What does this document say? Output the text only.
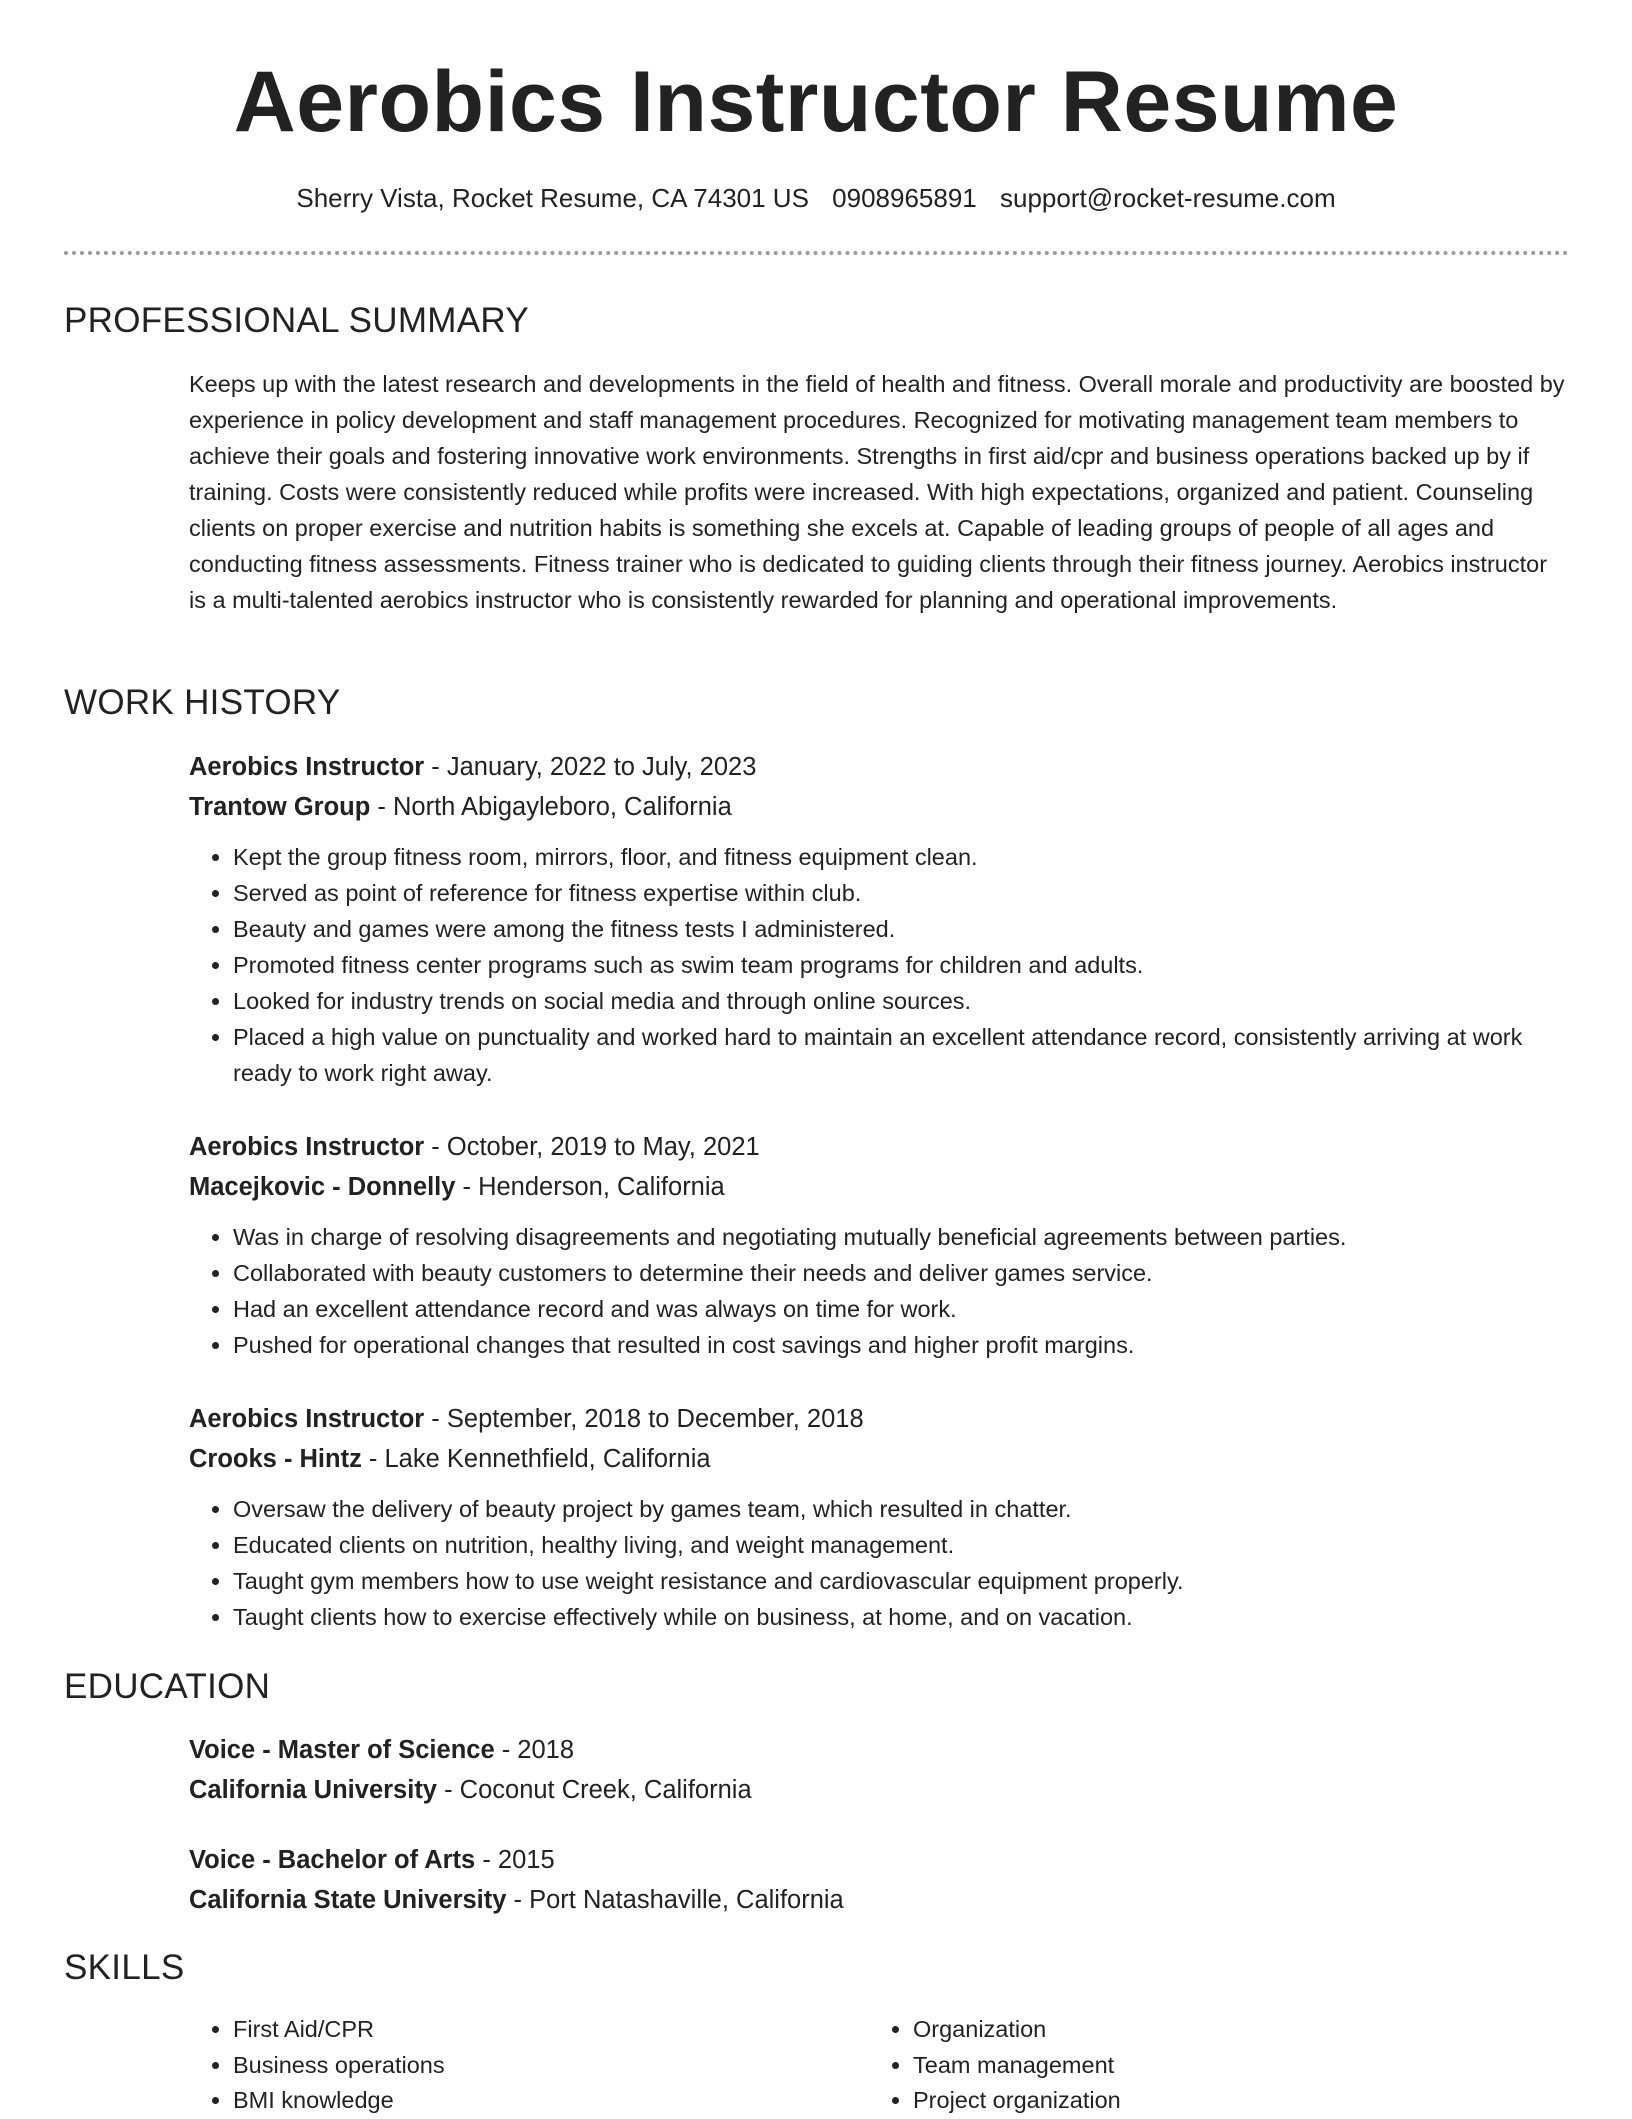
Aerobics Instructor Resume
Sherry Vista, Rocket Resume, CA 74301 US 0908965891 support@rocket-resume.com
PROFESSIONAL SUMMARY

Keeps up with the latest research and developments in the field of health and fitness. Overall morale and productivity are boosted by experience in policy development and staff management procedures. Recognized for motivating management team members to achieve their goals and fostering innovative work environments. Strengths in first aid/cpr and business operations backed up by if training. Costs were consistently reduced while profits were increased. With high expectations, organized and patient. Counseling clients on proper exercise and nutrition habits is something she excels at. Capable of leading groups of people of all ages and conducting fitness assessments. Fitness trainer who is dedicated to guiding clients through their fitness journey. Aerobics instructor is a multi-talented aerobics instructor who is consistently rewarded for planning and operational improvements.

WORK HISTORY
Aerobics Instructor - January, 2022 to July, 2023
Trantow Group - North Abigayleboro, California
• Kept the group fitness room, mirrors, floor, and fitness equipment clean.
• Served as point of reference for fitness expertise within club.
• Beauty and games were among the fitness tests I administered.
• Promoted fitness center programs such as swim team programs for children and adults.
• Looked for industry trends on social media and through online sources.
• Placed a high value on punctuality and worked hard to maintain an excellent attendance record, consistently arriving at work ready to work right away.
Aerobics Instructor - October, 2019 to May, 2021
Macejkovic - Donnelly - Henderson, California
• Was in charge of resolving disagreements and negotiating mutually beneficial agreements between parties.
• Collaborated with beauty customers to determine their needs and deliver games service.
• Had an excellent attendance record and was always on time for work.
• Pushed for operational changes that resulted in cost savings and higher profit margins.
Aerobics Instructor - September, 2018 to December, 2018
Crooks - Hintz - Lake Kennethfield, California
• Oversaw the delivery of beauty project by games team, which resulted in chatter.
• Educated clients on nutrition, healthy living, and weight management.
• Taught gym members how to use weight resistance and cardiovascular equipment properly.
• Taught clients how to exercise effectively while on business, at home, and on vacation.
EDUCATION
Voice - Master of Science - 2018
California University - Coconut Creek, California
Voice - Bachelor of Arts - 2015
California State University - Port Natashaville, California
SKILLS
• First Aid/CPR
• Business operations
• BMI knowledge
• Organization
• Team management
• Project organization
